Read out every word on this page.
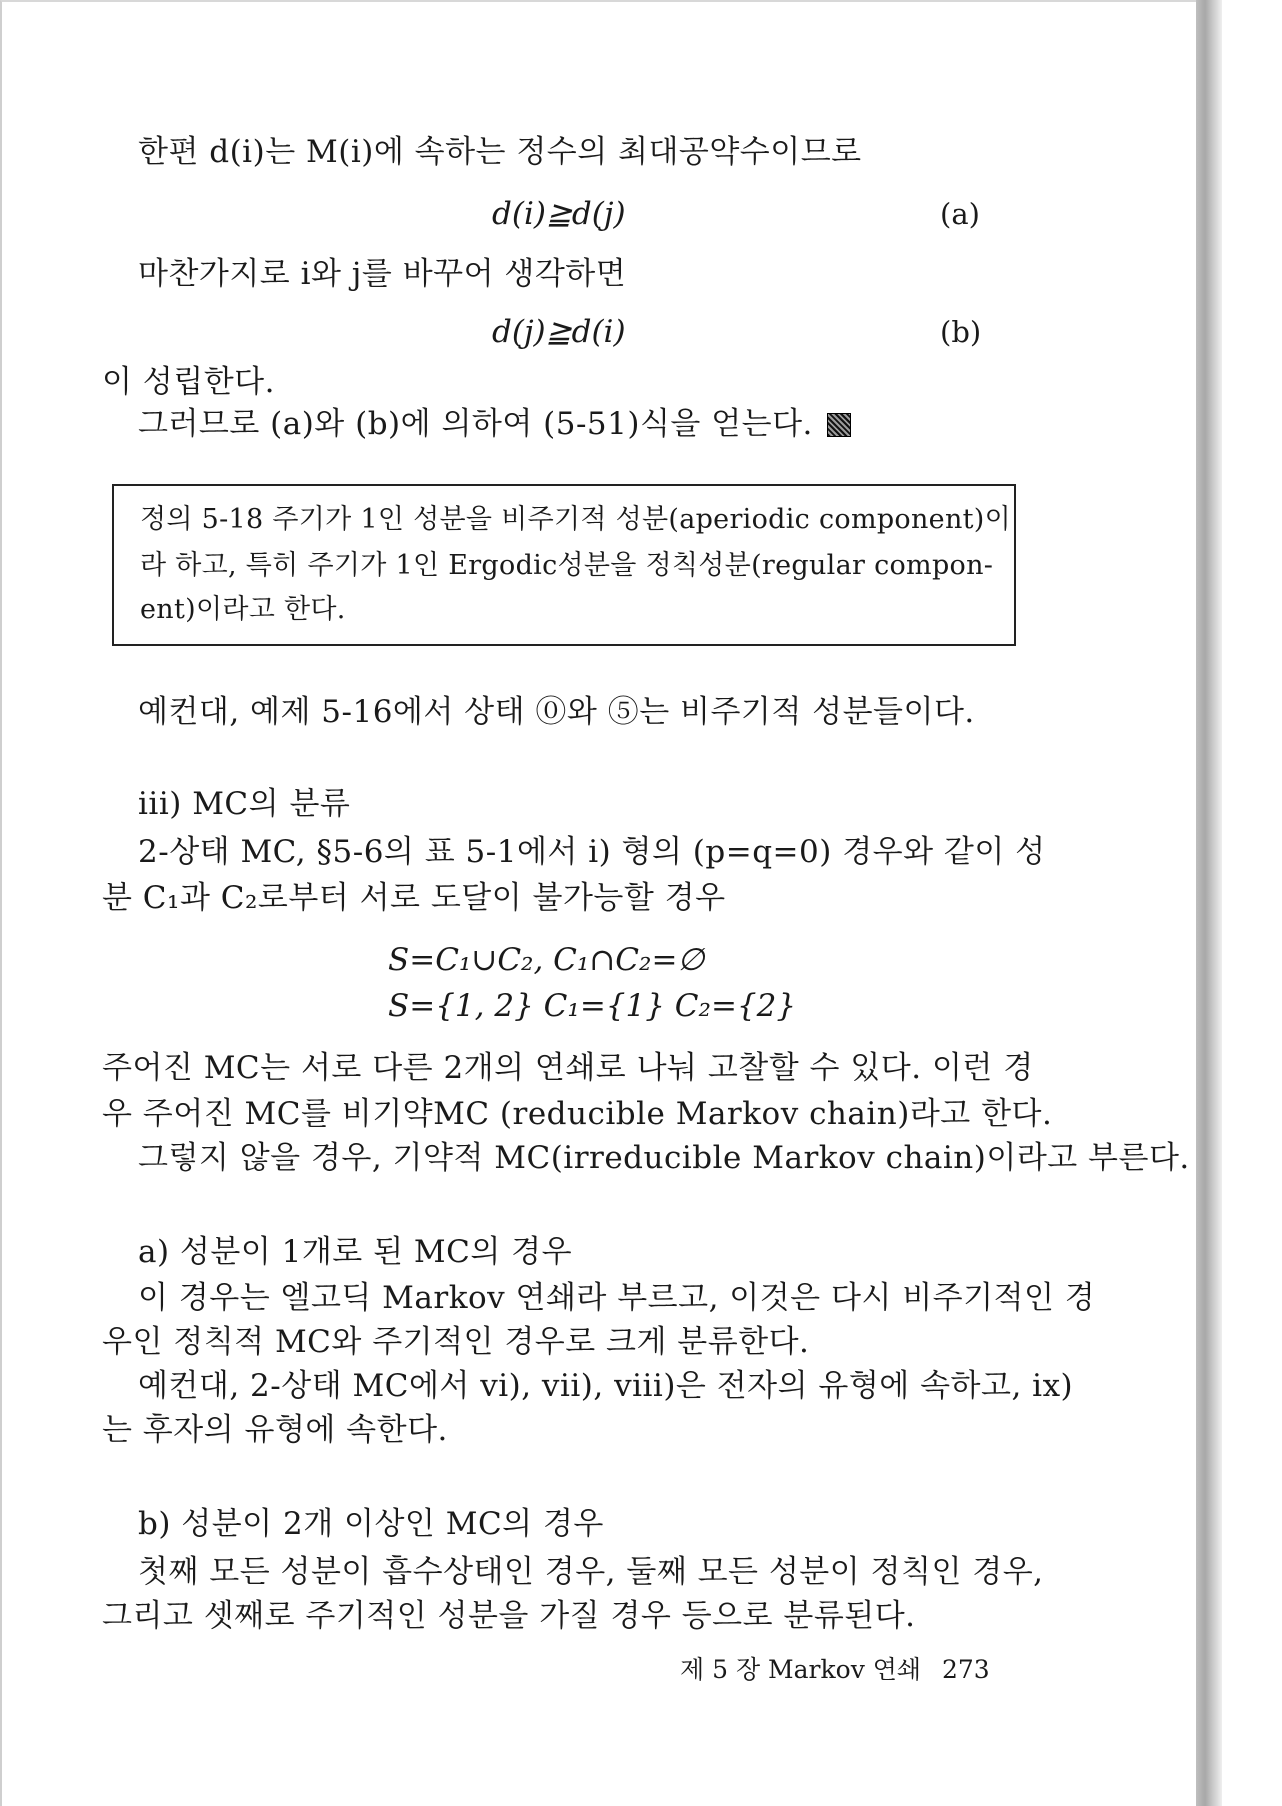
한편 d(i)는 M(i)에 속하는 정수의 최대공약수이므로
d(i)≧d(j)	(a)
마찬가지로 i와 j를 바꾸어 생각하면
d(j)≧d(i)	(b)
이 성립한다.
그러므로 (a)와 (b)에 의하여 (5-51)식을 얻는다.
정의 5-18 주기가 1인 성분을 비주기적 성분(aperiodic component)이
라 하고, 특히 주기가 1인 Ergodic성분을 정칙성분(regular compon-
ent)이라고 한다.
예컨대, 예제 5-16에서 상태 ⓪와 ⑤는 비주기적 성분들이다.
iii) MC의 분류
2-상태 MC, §5-6의 표 5-1에서 i) 형의 (p=q=0) 경우와 같이 성
분 C₁과 C₂로부터 서로 도달이 불가능할 경우
S=C₁∪C₂, C₁∩C₂=∅
S={1, 2} C₁={1} C₂={2}
주어진 MC는 서로 다른 2개의 연쇄로 나눠 고찰할 수 있다. 이런 경
우 주어진 MC를 비기약MC (reducible Markov chain)라고 한다.
그렇지 않을 경우, 기약적 MC(irreducible Markov chain)이라고 부른다.
a) 성분이 1개로 된 MC의 경우
이 경우는 엘고딕 Markov 연쇄라 부르고, 이것은 다시 비주기적인 경
우인 정칙적 MC와 주기적인 경우로 크게 분류한다.
예컨대, 2-상태 MC에서 vi), vii), viii)은 전자의 유형에 속하고, ix)
는 후자의 유형에 속한다.
b) 성분이 2개 이상인 MC의 경우
첫째 모든 성분이 흡수상태인 경우, 둘째 모든 성분이 정칙인 경우,
그리고 셋째로 주기적인 성분을 가질 경우 등으로 분류된다.
제 5 장 Markov 연쇄 273
